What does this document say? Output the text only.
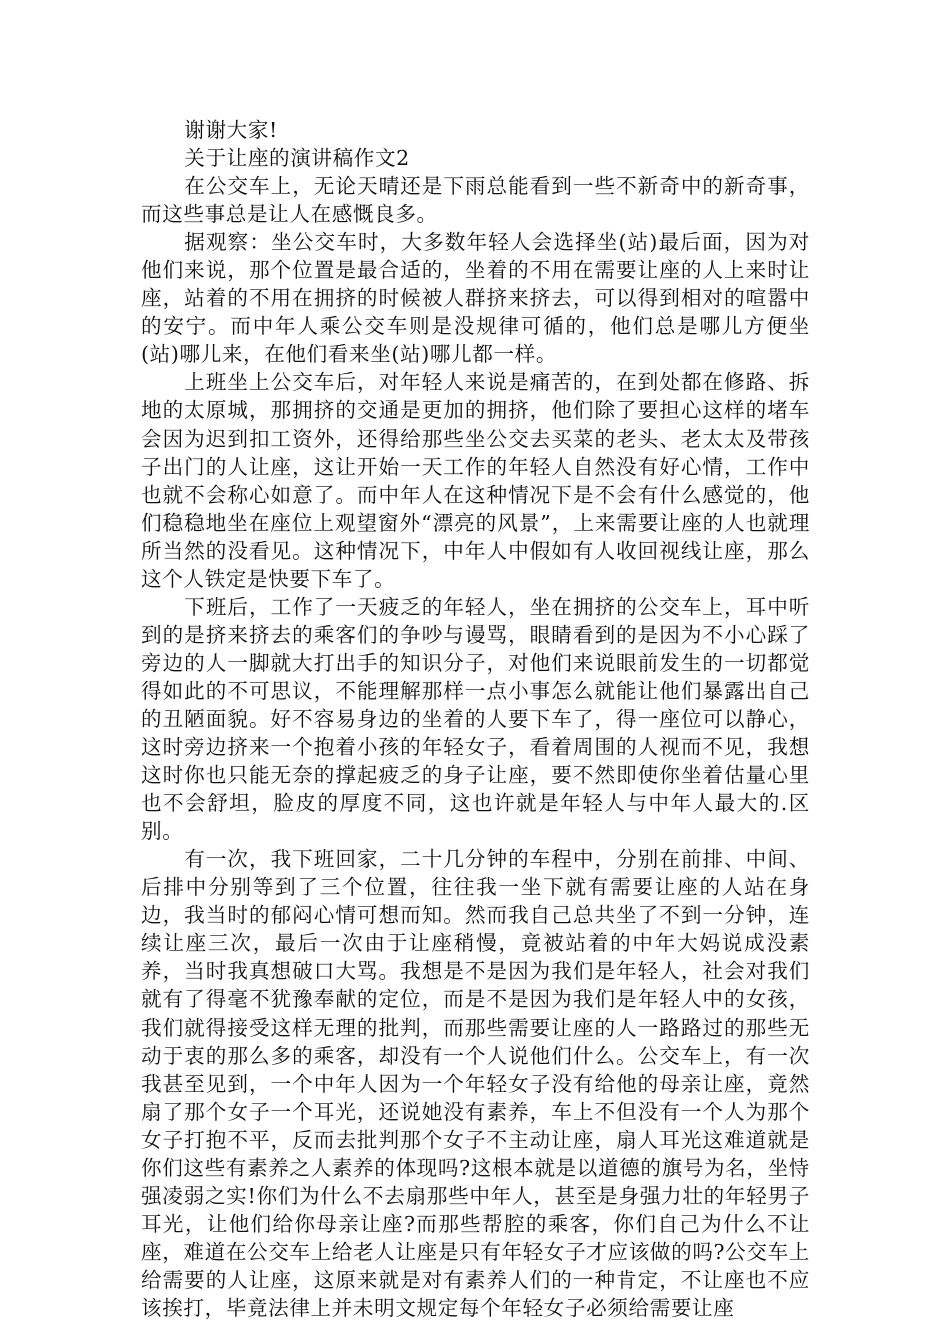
谢谢大家!

关于让座的演讲稿作文2

在公交车上，无论天晴还是下雨总能看到一些不新奇中的新奇事，而这些事总是让人在感慨良多。

据观察：坐公交车时，大多数年轻人会选择坐(站)最后面，因为对他们来说，那个位置是最合适的，坐着的不用在需要让座的人上来时让座，站着的不用在拥挤的时候被人群挤来挤去，可以得到相对的喧嚣中的安宁。而中年人乘公交车则是没规律可循的，他们总是哪儿方便坐(站)哪儿来，在他们看来坐(站)哪儿都一样。

上班坐上公交车后，对年轻人来说是痛苦的，在到处都在修路、拆地的太原城，那拥挤的交通是更加的拥挤，他们除了要担心这样的堵车会因为迟到扣工资外，还得给那些坐公交去买菜的老头、老太太及带孩子出门的人让座，这让开始一天工作的年轻人自然没有好心情，工作中也就不会称心如意了。而中年人在这种情况下是不会有什么感觉的，他们稳稳地坐在座位上观望窗外“漂亮的风景”，上来需要让座的人也就理所当然的没看见。这种情况下，中年人中假如有人收回视线让座，那么这个人铁定是快要下车了。

下班后，工作了一天疲乏的年轻人，坐在拥挤的公交车上，耳中听到的是挤来挤去的乘客们的争吵与谩骂，眼睛看到的是因为不小心踩了旁边的人一脚就大打出手的知识分子，对他们来说眼前发生的一切都觉得如此的不可思议，不能理解那样一点小事怎么就能让他们暴露出自己的丑陋面貌。好不容易身边的坐着的人要下车了，得一座位可以静心，这时旁边挤来一个抱着小孩的年轻女子，看着周围的人视而不见，我想这时你也只能无奈的撑起疲乏的身子让座，要不然即使你坐着估量心里也不会舒坦，脸皮的厚度不同，这也许就是年轻人与中年人最大的.区别。

有一次，我下班回家，二十几分钟的车程中，分别在前排、中间、后排中分别等到了三个位置，往往我一坐下就有需要让座的人站在身边，我当时的郁闷心情可想而知。然而我自己总共坐了不到一分钟，连续让座三次，最后一次由于让座稍慢，竟被站着的中年大妈说成没素养，当时我真想破口大骂。我想是不是因为我们是年轻人，社会对我们就有了得毫不犹豫奉献的定位，而是不是因为我们是年轻人中的女孩，我们就得接受这样无理的批判，而那些需要让座的人一路路过的那些无动于衷的那么多的乘客，却没有一个人说他们什么。公交车上，有一次我甚至见到，一个中年人因为一个年轻女子没有给他的母亲让座，竟然扇了那个女子一个耳光，还说她没有素养，车上不但没有一个人为那个女子打抱不平，反而去批判那个女子不主动让座，扇人耳光这难道就是你们这些有素养之人素养的体现吗?这根本就是以道德的旗号为名，坐恃强凌弱之实!你们为什么不去扇那些中年人，甚至是身强力壮的年轻男子耳光，让他们给你母亲让座?而那些帮腔的乘客，你们自己为什么不让座，难道在公交车上给老人让座是只有年轻女子才应该做的吗?公交车上给需要的人让座，这原来就是对有素养人们的一种肯定，不让座也不应该挨打，毕竟法律上并未明文规定每个年轻女子必须给需要让座
